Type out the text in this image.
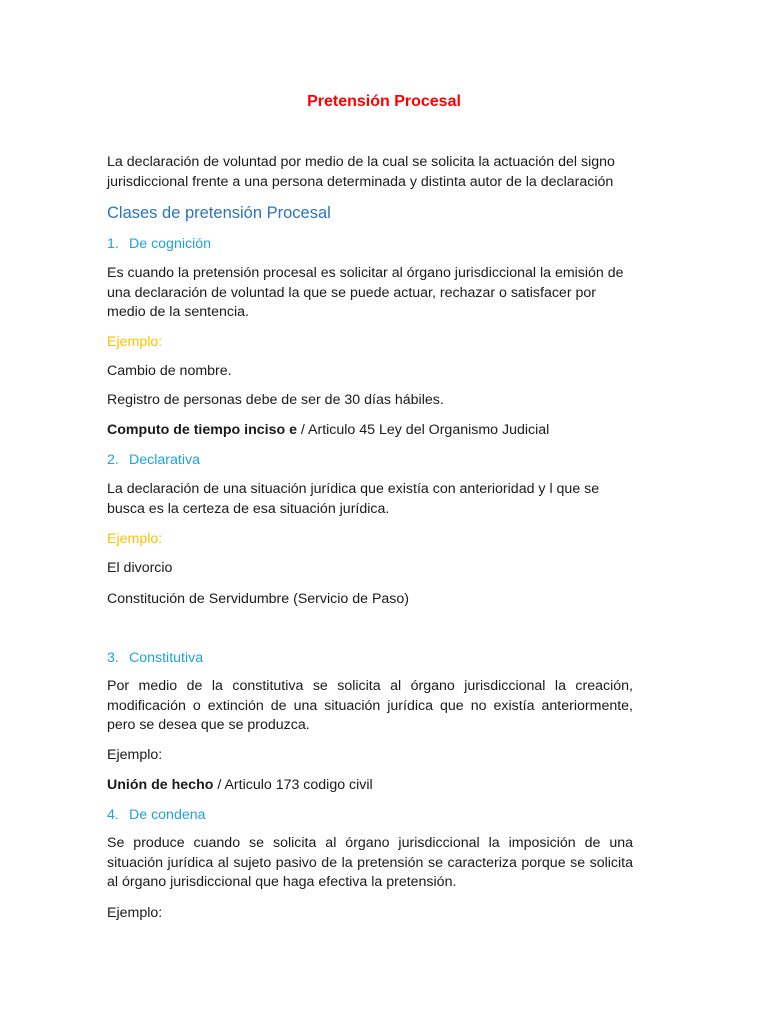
Pretensión Procesal
La declaración de voluntad por medio de la cual se solicita la actuación del signo jurisdiccional frente a una persona determinada y distinta autor de la declaración
Clases de pretensión Procesal
1. De cognición
Es cuando la pretensión procesal es solicitar al órgano jurisdiccional la emisión de una declaración de voluntad la que se puede actuar, rechazar o satisfacer por medio de la sentencia.
Ejemplo:
Cambio de nombre.
Registro de personas debe de ser de 30 días hábiles.
Computo de tiempo inciso e / Articulo 45 Ley del Organismo Judicial
2. Declarativa
La declaración de una situación jurídica que existía con anterioridad y l que se busca es la certeza de esa situación jurídica.
Ejemplo:
El divorcio
Constitución de Servidumbre (Servicio de Paso)
3. Constitutiva
Por medio de la constitutiva se solicita al órgano jurisdiccional la creación, modificación o extinción de una situación jurídica que no existía anteriormente, pero se desea que se produzca.
Ejemplo:
Unión de hecho / Articulo 173 codigo civil
4. De condena
Se produce cuando se solicita al órgano jurisdiccional la imposición de una situación jurídica al sujeto pasivo de la pretensión se caracteriza porque se solicita al órgano jurisdiccional que haga efectiva la pretensión.
Ejemplo:
